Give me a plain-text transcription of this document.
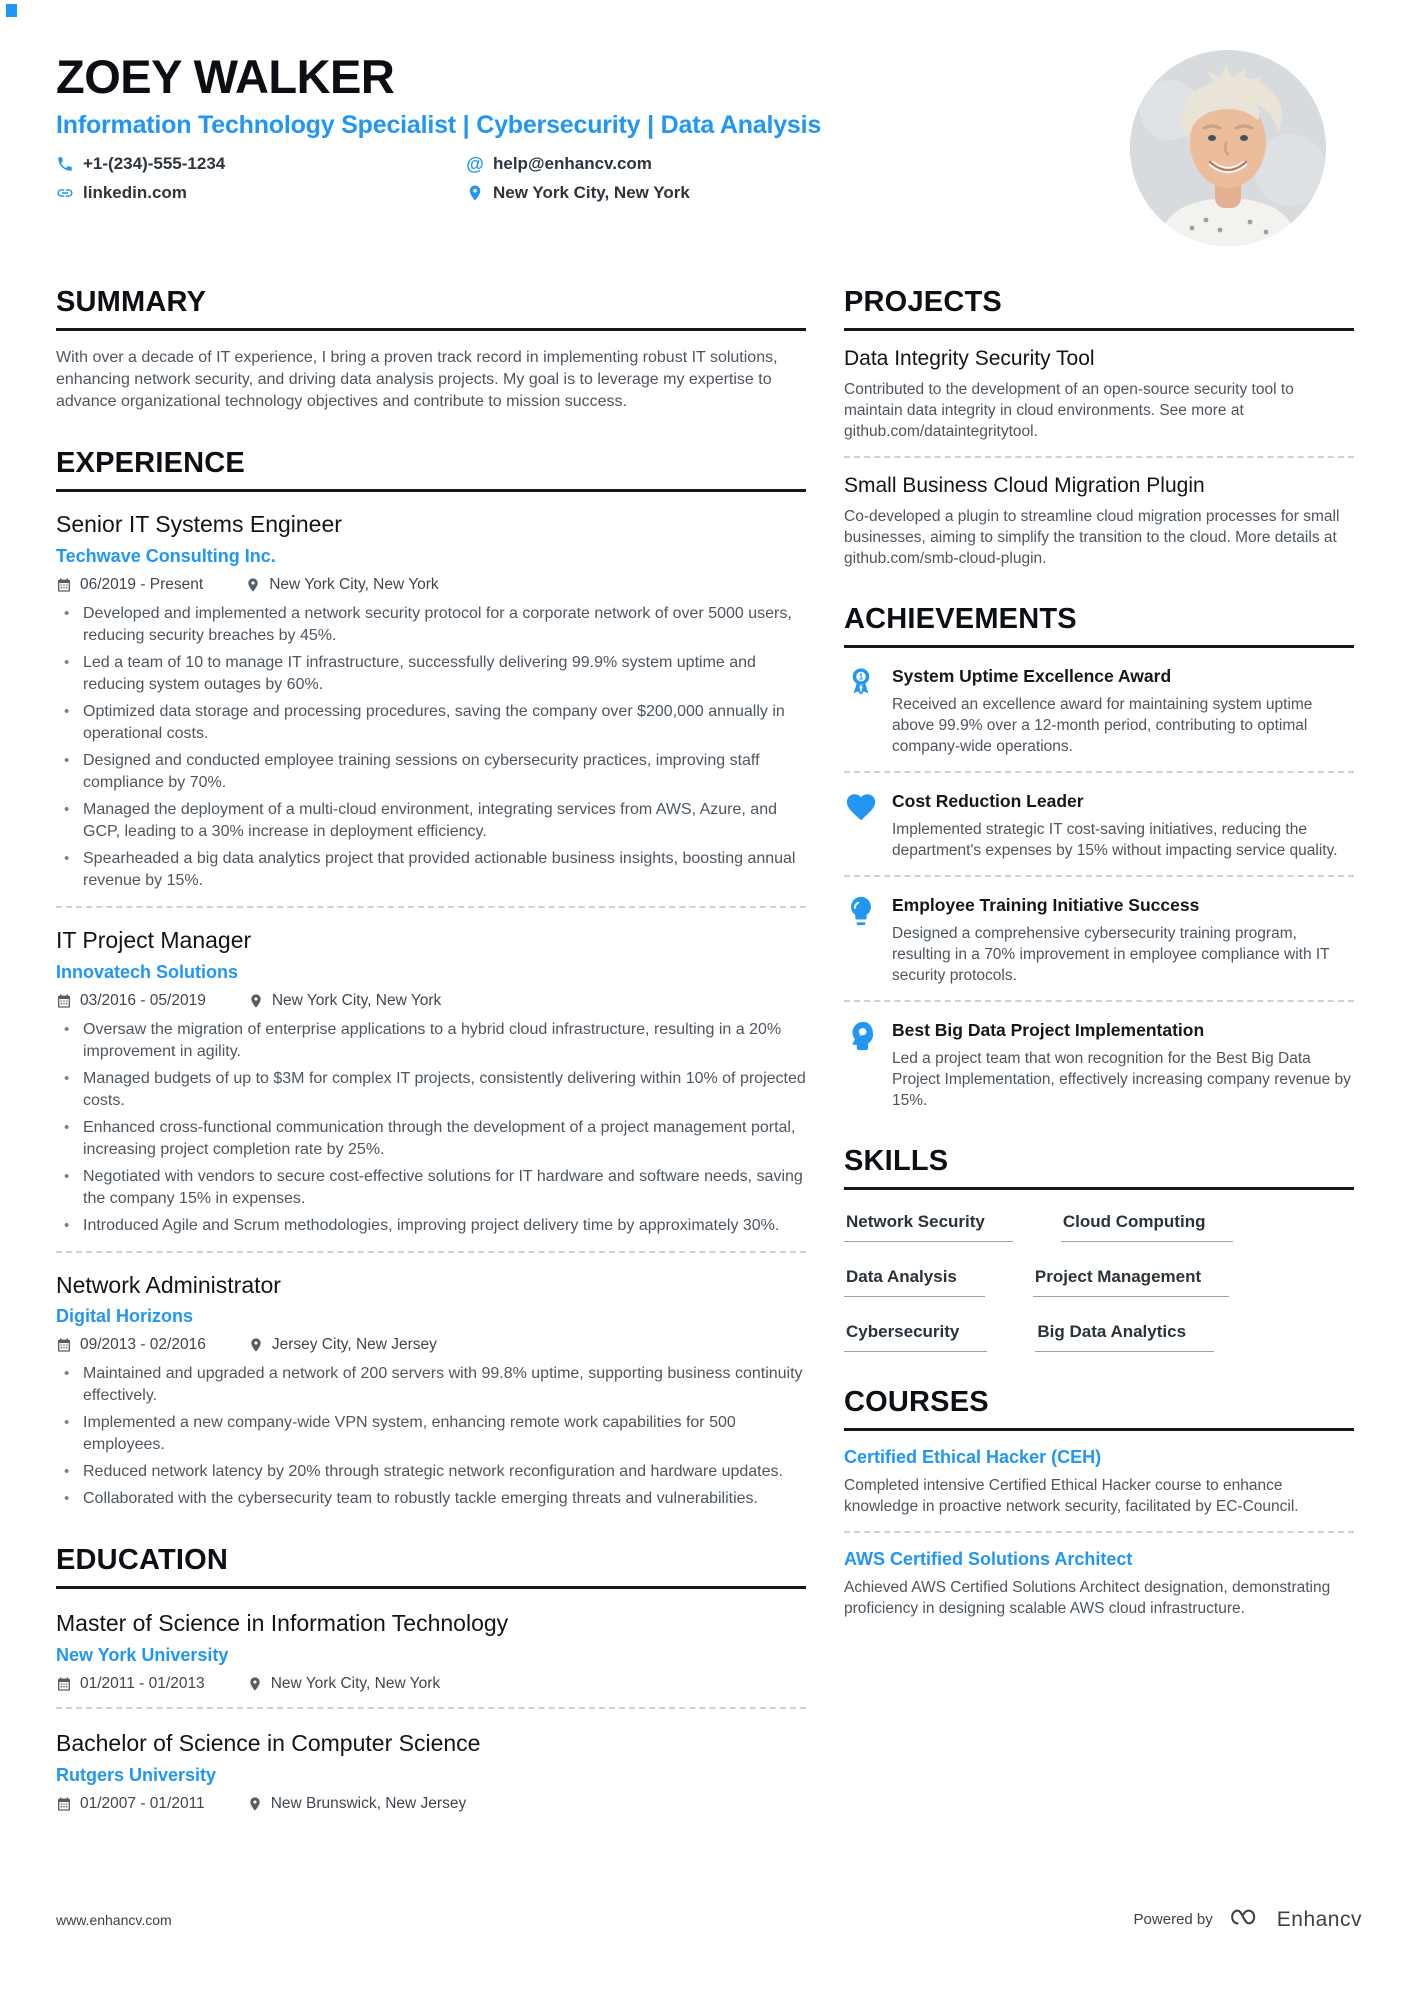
ZOEY WALKER
Information Technology Specialist | Cybersecurity | Data Analysis
+1-(234)-555-1234	@ help@enhancv.com
linkedin.com	New York City, New York
SUMMARY

With over a decade of IT experience, I bring a proven track record in implementing robust IT solutions, enhancing network security, and driving data analysis projects. My goal is to leverage my expertise to advance organizational technology objectives and contribute to mission success.

EXPERIENCE
Senior IT Systems Engineer
Techwave Consulting Inc.
06/2019 - Present	New York City, New York
• Developed and implemented a network security protocol for a corporate network of over 5000 users, reducing security breaches by 45%.
• Led a team of 10 to manage IT infrastructure, successfully delivering 99.9% system uptime and reducing system outages by 60%.
• Optimized data storage and processing procedures, saving the company over $200,000 annually in operational costs.
• Designed and conducted employee training sessions on cybersecurity practices, improving staff compliance by 70%.
• Managed the deployment of a multi-cloud environment, integrating services from AWS, Azure, and GCP, leading to a 30% increase in deployment efficiency.
• Spearheaded a big data analytics project that provided actionable business insights, boosting annual revenue by 15%.
IT Project Manager
Innovatech Solutions
03/2016 - 05/2019	New York City, New York
• Oversaw the migration of enterprise applications to a hybrid cloud infrastructure, resulting in a 20% improvement in agility.
• Managed budgets of up to $3M for complex IT projects, consistently delivering within 10% of projected costs.
• Enhanced cross-functional communication through the development of a project management portal, increasing project completion rate by 25%.
• Negotiated with vendors to secure cost-effective solutions for IT hardware and software needs, saving the company 15% in expenses.
• Introduced Agile and Scrum methodologies, improving project delivery time by approximately 30%.
Network Administrator
Digital Horizons
09/2013 - 02/2016	Jersey City, New Jersey
• Maintained and upgraded a network of 200 servers with 99.8% uptime, supporting business continuity effectively.
• Implemented a new company-wide VPN system, enhancing remote work capabilities for 500 employees.
• Reduced network latency by 20% through strategic network reconfiguration and hardware updates.
• Collaborated with the cybersecurity team to robustly tackle emerging threats and vulnerabilities.
EDUCATION
Master of Science in Information Technology
New York University
01/2011 - 01/2013	New York City, New York
Bachelor of Science in Computer Science
Rutgers University
01/2007 - 01/2011	New Brunswick, New Jersey
PROJECTS
Data Integrity Security Tool

Contributed to the development of an open-source security tool to maintain data integrity in cloud environments. See more at github.com/dataintegritytool.

Small Business Cloud Migration Plugin

Co-developed a plugin to streamline cloud migration processes for small businesses, aiming to simplify the transition to the cloud. More details at github.com/smb-cloud-plugin.

ACHIEVEMENTS
1 System Uptime Excellence Award

Received an excellence award for maintaining system uptime above 99.9% over a 12-month period, contributing to optimal company-wide operations.

Cost Reduction Leader

Implemented strategic IT cost-saving initiatives, reducing the department's expenses by 15% without impacting service quality.

Employee Training Initiative Success

Designed a comprehensive cybersecurity training program, resulting in a 70% improvement in employee compliance with IT security protocols.

Best Big Data Project Implementation

Led a project team that won recognition for the Best Big Data Project Implementation, effectively increasing company revenue by 15%.

SKILLS
Network Security	Cloud Computing
Data Analysis	Project Management
Cybersecurity	Big Data Analytics
COURSES
Certified Ethical Hacker (CEH)

Completed intensive Certified Ethical Hacker course to enhance knowledge in proactive network security, facilitated by EC-Council.

AWS Certified Solutions Architect

Achieved AWS Certified Solutions Architect designation, demonstrating proficiency in designing scalable AWS cloud infrastructure.

www.enhancv.com	Powered by	Enhancv
